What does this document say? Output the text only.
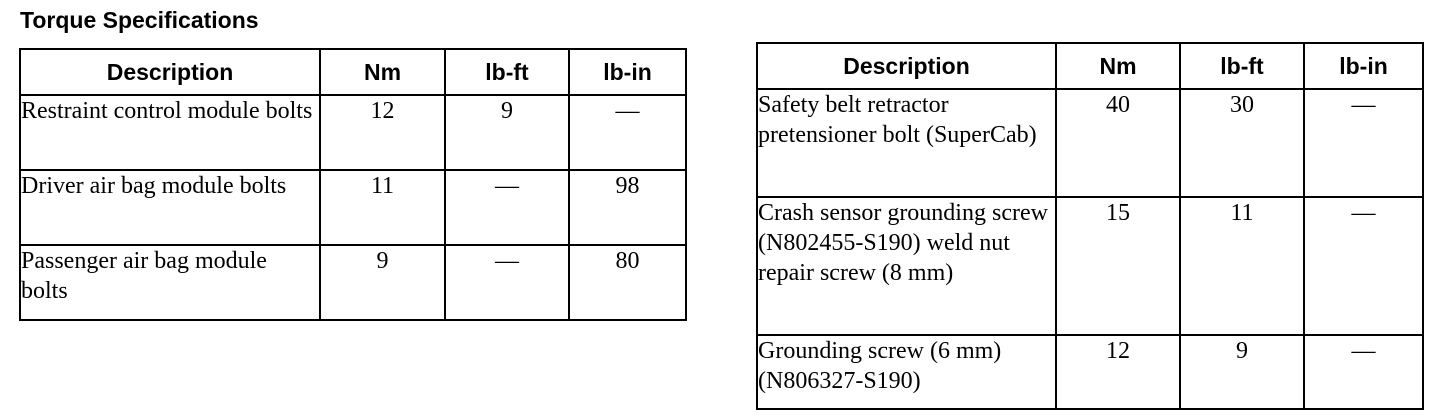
Torque Specifications
Description	Nm	lb-ft	lb-in
Restraint control module bolts	12	9	—
Driver air bag module bolts	11	—	98
Passenger air bag module bolts	9	—	80
Description	Nm	lb-ft	lb-in
Safety belt retractor pretensioner bolt (SuperCab)	40	30	—
Crash sensor grounding screw (N802455-S190) weld nut repair screw (8 mm)	15	11	—
Grounding screw (6 mm) (N806327-S190)	12	9	—
